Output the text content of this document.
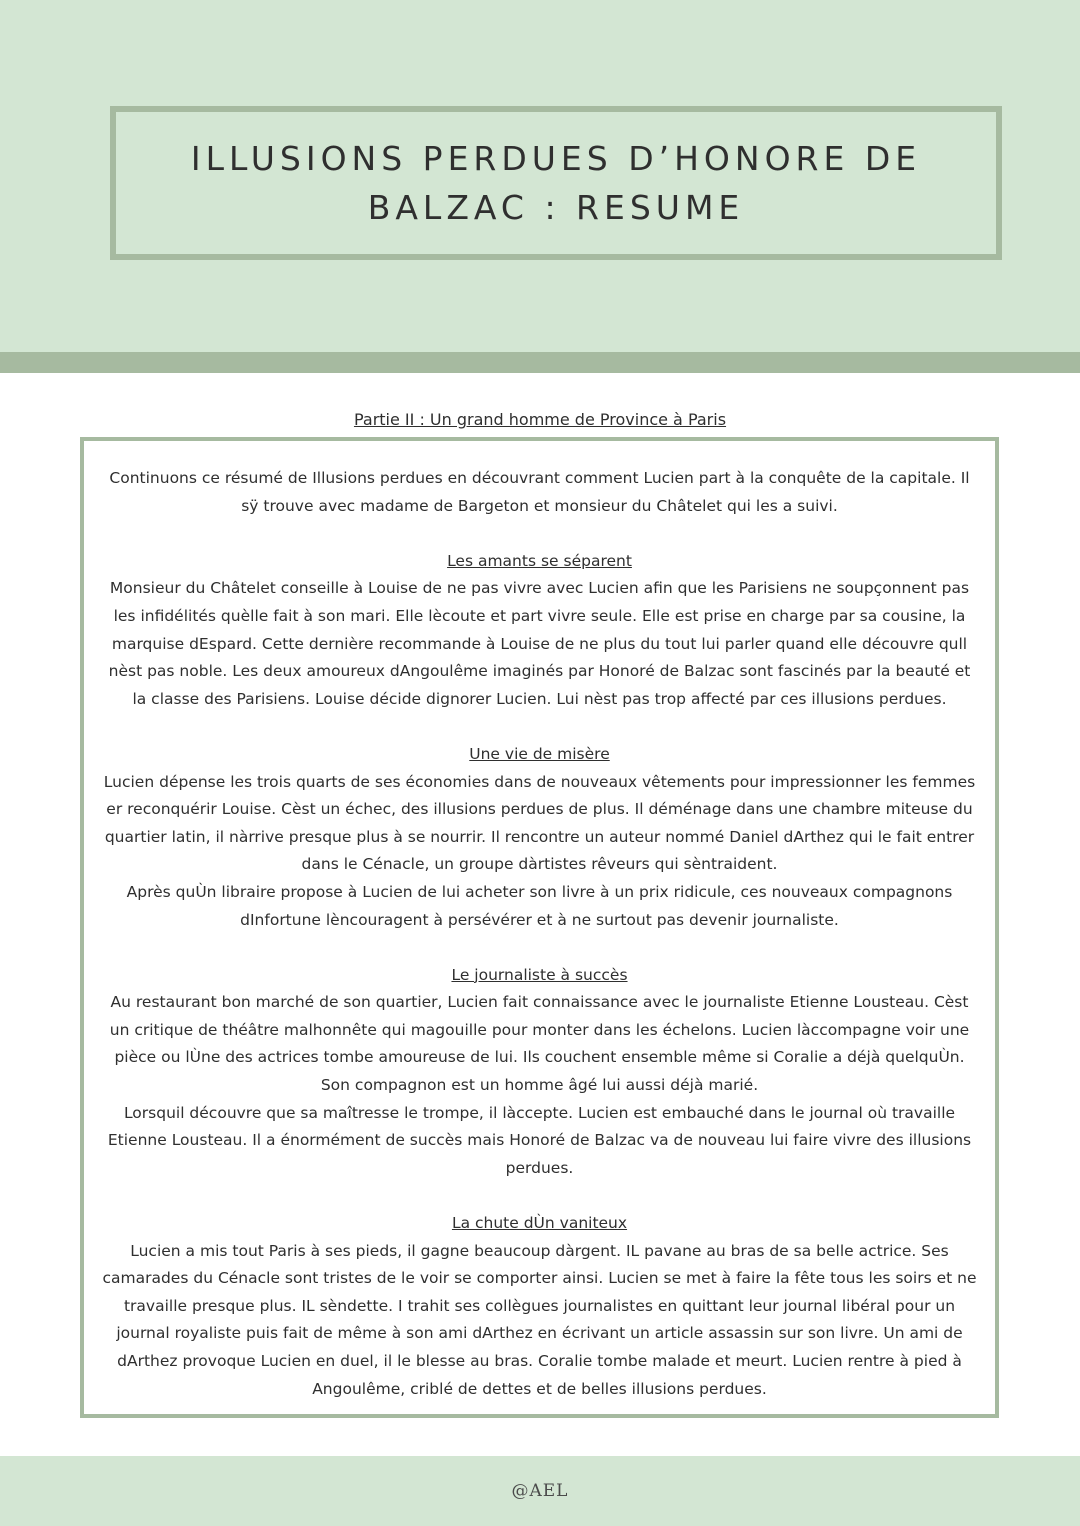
ILLUSIONS PERDUES D’HONORE DE BALZAC : RESUME
Partie II : Un grand homme de Province à Paris

Continuons ce résumé de Illusions perdues en découvrant comment Lucien part à la conquête de la capitale. Il sÿ trouve avec madame de Bargeton et monsieur du Châtelet qui les a suivi.

Les amants se séparent

Monsieur du Châtelet conseille à Louise de ne pas vivre avec Lucien afin que les Parisiens ne soupçonnent pas les infidélités quèlle fait à son mari. Elle lècoute et part vivre seule. Elle est prise en charge par sa cousine, la marquise dEspard. Cette dernière recommande à Louise de ne plus du tout lui parler quand elle découvre qull nèst pas noble. Les deux amoureux dAngoulême imaginés par Honoré de Balzac sont fascinés par la beauté et la classe des Parisiens. Louise décide dignorer Lucien. Lui nèst pas trop affecté par ces illusions perdues.

Une vie de misère

Lucien dépense les trois quarts de ses économies dans de nouveaux vêtements pour impressionner les femmes er reconquérir Louise. Cèst un échec, des illusions perdues de plus. Il déménage dans une chambre miteuse du quartier latin, il nàrrive presque plus à se nourrir. Il rencontre un auteur nommé Daniel dArthez qui le fait entrer dans le Cénacle, un groupe dàrtistes rêveurs qui sèntraident.

Après quÙn libraire propose à Lucien de lui acheter son livre à un prix ridicule, ces nouveaux compagnons dInfortune lèncouragent à persévérer et à ne surtout pas devenir journaliste.

Le journaliste à succès

Au restaurant bon marché de son quartier, Lucien fait connaissance avec le journaliste Etienne Lousteau. Cèst un critique de théâtre malhonnête qui magouille pour monter dans les échelons. Lucien làccompagne voir une pièce ou lÙne des actrices tombe amoureuse de lui. Ils couchent ensemble même si Coralie a déjà quelquÙn. Son compagnon est un homme âgé lui aussi déjà marié.

Lorsquil découvre que sa maîtresse le trompe, il làccepte. Lucien est embauché dans le journal où travaille Etienne Lousteau. Il a énormément de succès mais Honoré de Balzac va de nouveau lui faire vivre des illusions perdues.

La chute dÙn vaniteux

Lucien a mis tout Paris à ses pieds, il gagne beaucoup dàrgent. IL pavane au bras de sa belle actrice. Ses camarades du Cénacle sont tristes de le voir se comporter ainsi. Lucien se met à faire la fête tous les soirs et ne travaille presque plus. IL sèndette. I trahit ses collègues journalistes en quittant leur journal libéral pour un journal royaliste puis fait de même à son ami dArthez en écrivant un article assassin sur son livre. Un ami de dArthez provoque Lucien en duel, il le blesse au bras. Coralie tombe malade et meurt. Lucien rentre à pied à Angoulême, criblé de dettes et de belles illusions perdues.

@AEL
